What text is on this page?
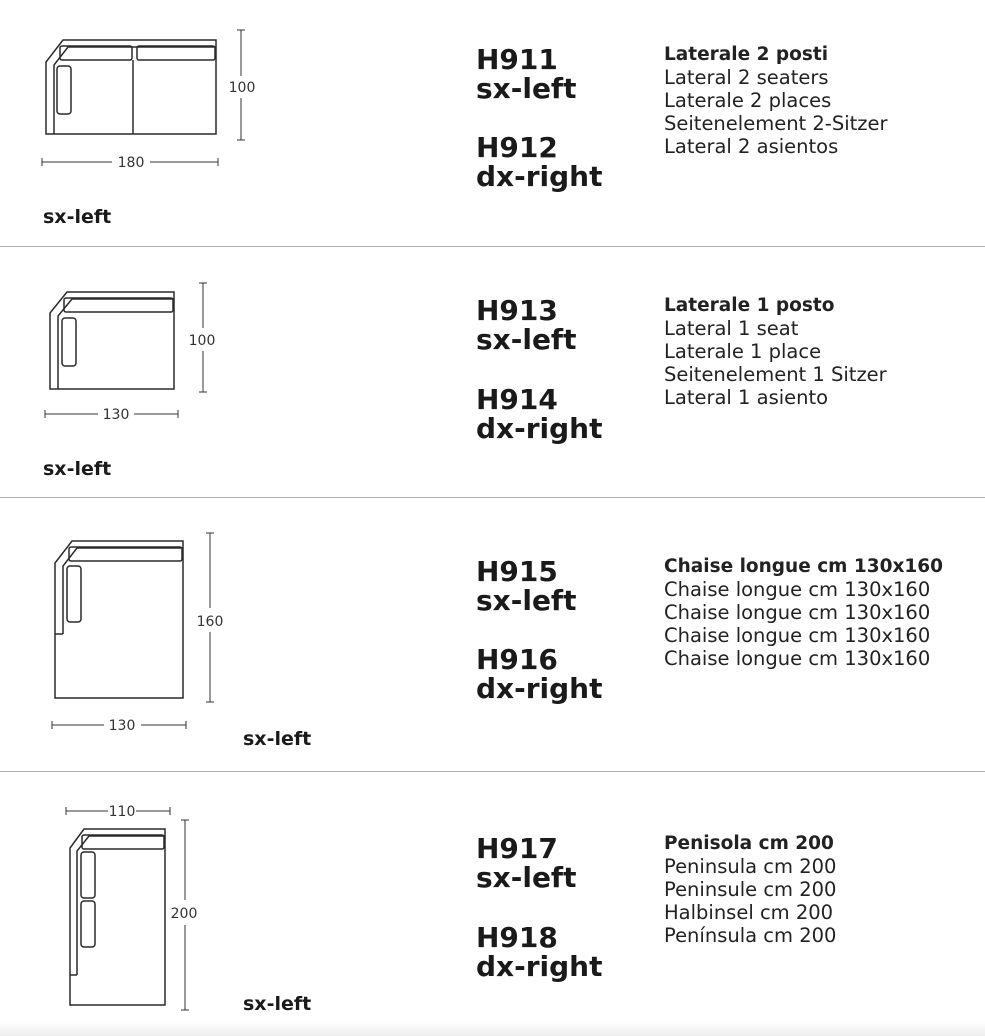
180
100
130
100
130
160
110
200
sx-left
H911
sx-left
H912
dx-right
Laterale 2 posti
Lateral 2 seaters
Laterale 2 places
Seitenelement 2-Sitzer
Lateral 2 asientos
sx-left
H913
sx-left
H914
dx-right
Laterale 1 posto
Lateral 1 seat
Laterale 1 place
Seitenelement 1 Sitzer
Lateral 1 asiento
sx-left
H915
sx-left
H916
dx-right
Chaise longue cm 130x160
Chaise longue cm 130x160
Chaise longue cm 130x160
Chaise longue cm 130x160
Chaise longue cm 130x160
sx-left
H917
sx-left
H918
dx-right
Penisola cm 200
Peninsula cm 200
Peninsule cm 200
Halbinsel cm 200
Península cm 200
